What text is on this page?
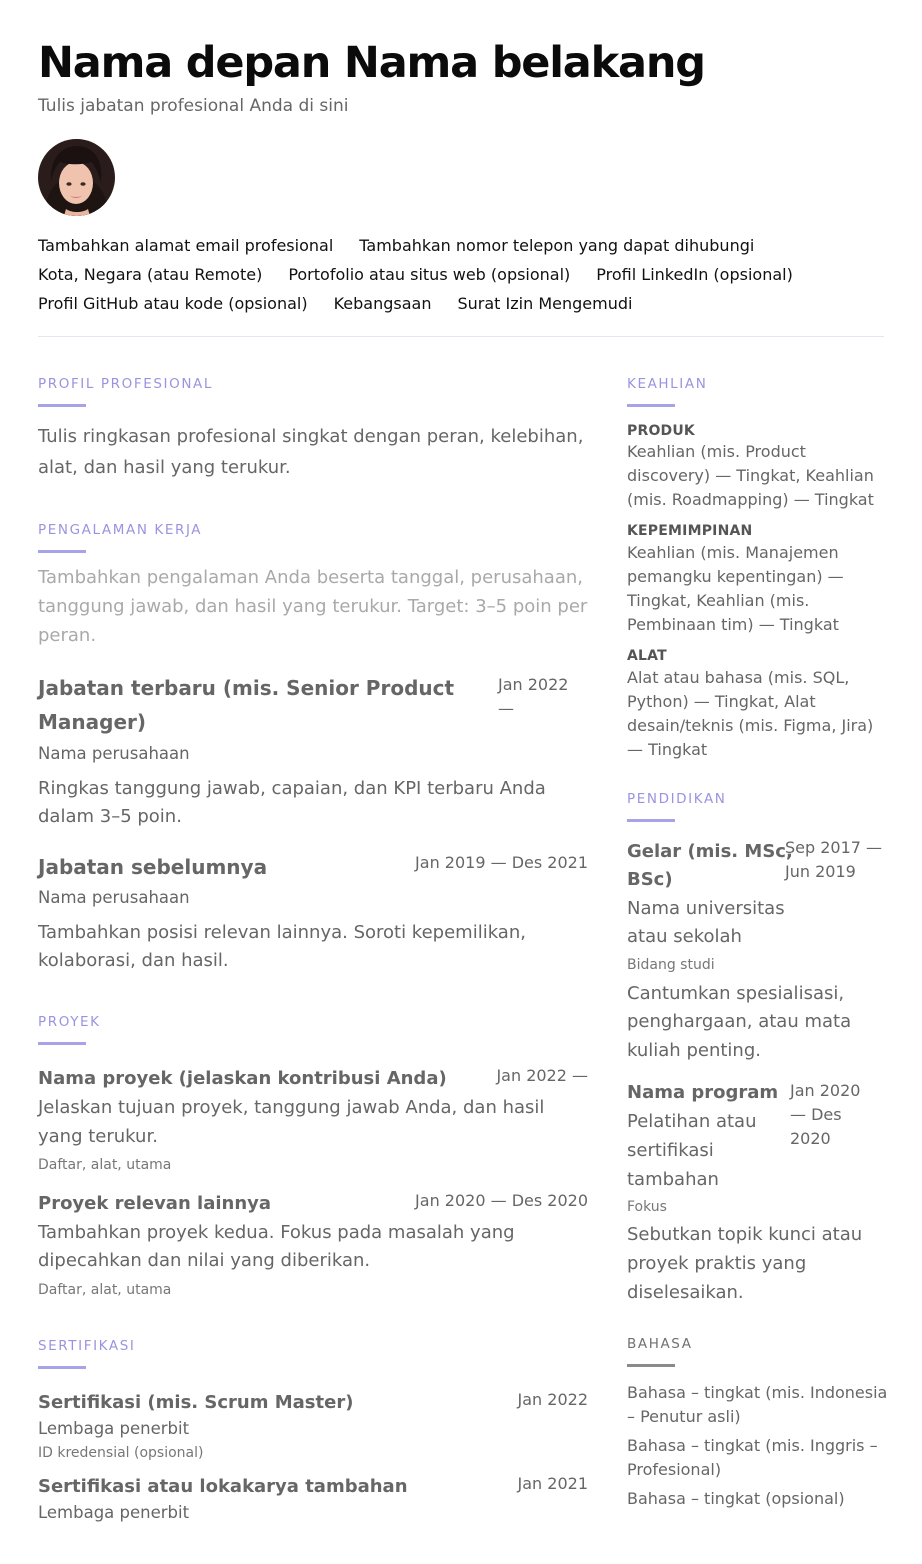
Nama depan Nama belakang
Tulis jabatan profesional Anda di sini
Tambahkan alamat email profesional Tambahkan nomor telepon yang dapat dihubungi
Kota, Negara (atau Remote) Portofolio atau situs web (opsional) Profil LinkedIn (opsional)
Profil GitHub atau kode (opsional) Kebangsaan Surat Izin Mengemudi
PROFIL PROFESIONAL
Tulis ringkasan profesional singkat dengan peran, kelebihan,
alat, dan hasil yang terukur.
PENGALAMAN KERJA
Tambahkan pengalaman Anda beserta tanggal, perusahaan,
tanggung jawab, dan hasil yang terukur. Target: 3–5 poin per
peran.
Jabatan terbaru (mis. Senior Product
Manager)
Jan 2022
—
Nama perusahaan
Ringkas tanggung jawab, capaian, dan KPI terbaru Anda
dalam 3–5 poin.
Jabatan sebelumnya	Jan 2019 — Des 2021
Nama perusahaan
Tambahkan posisi relevan lainnya. Soroti kepemilikan,
kolaborasi, dan hasil.
PROYEK
Nama proyek (jelaskan kontribusi Anda)	Jan 2022 —
Jelaskan tujuan proyek, tanggung jawab Anda, dan hasil
yang terukur.
Daftar, alat, utama
Proyek relevan lainnya	Jan 2020 — Des 2020
Tambahkan proyek kedua. Fokus pada masalah yang
dipecahkan dan nilai yang diberikan.
Daftar, alat, utama
SERTIFIKASI
Sertifikasi (mis. Scrum Master)	Jan 2022
Lembaga penerbit
ID kredensial (opsional)
Sertifikasi atau lokakarya tambahan	Jan 2021
Lembaga penerbit
KEAHLIAN
PRODUK
Keahlian (mis. Product
discovery) — Tingkat, Keahlian
(mis. Roadmapping) — Tingkat
KEPEMIMPINAN
Keahlian (mis. Manajemen
pemangku kepentingan) —
Tingkat, Keahlian (mis.
Pembinaan tim) — Tingkat
ALAT
Alat atau bahasa (mis. SQL,
Python) — Tingkat, Alat
desain/teknis (mis. Figma, Jira)
— Tingkat
PENDIDIKAN
Gelar (mis. MSc,
BSc)
Sep 2017 —
Jun 2019
Nama universitas
atau sekolah
Bidang studi
Cantumkan spesialisasi,
penghargaan, atau mata
kuliah penting.
Nama program Jan 2020
— Des
2020
Pelatihan atau
sertifikasi
tambahan
Fokus
Sebutkan topik kunci atau
proyek praktis yang
diselesaikan.
BAHASA
Bahasa – tingkat (mis. Indonesia
– Penutur asli)
Bahasa – tingkat (mis. Inggris –
Profesional)
Bahasa – tingkat (opsional)
